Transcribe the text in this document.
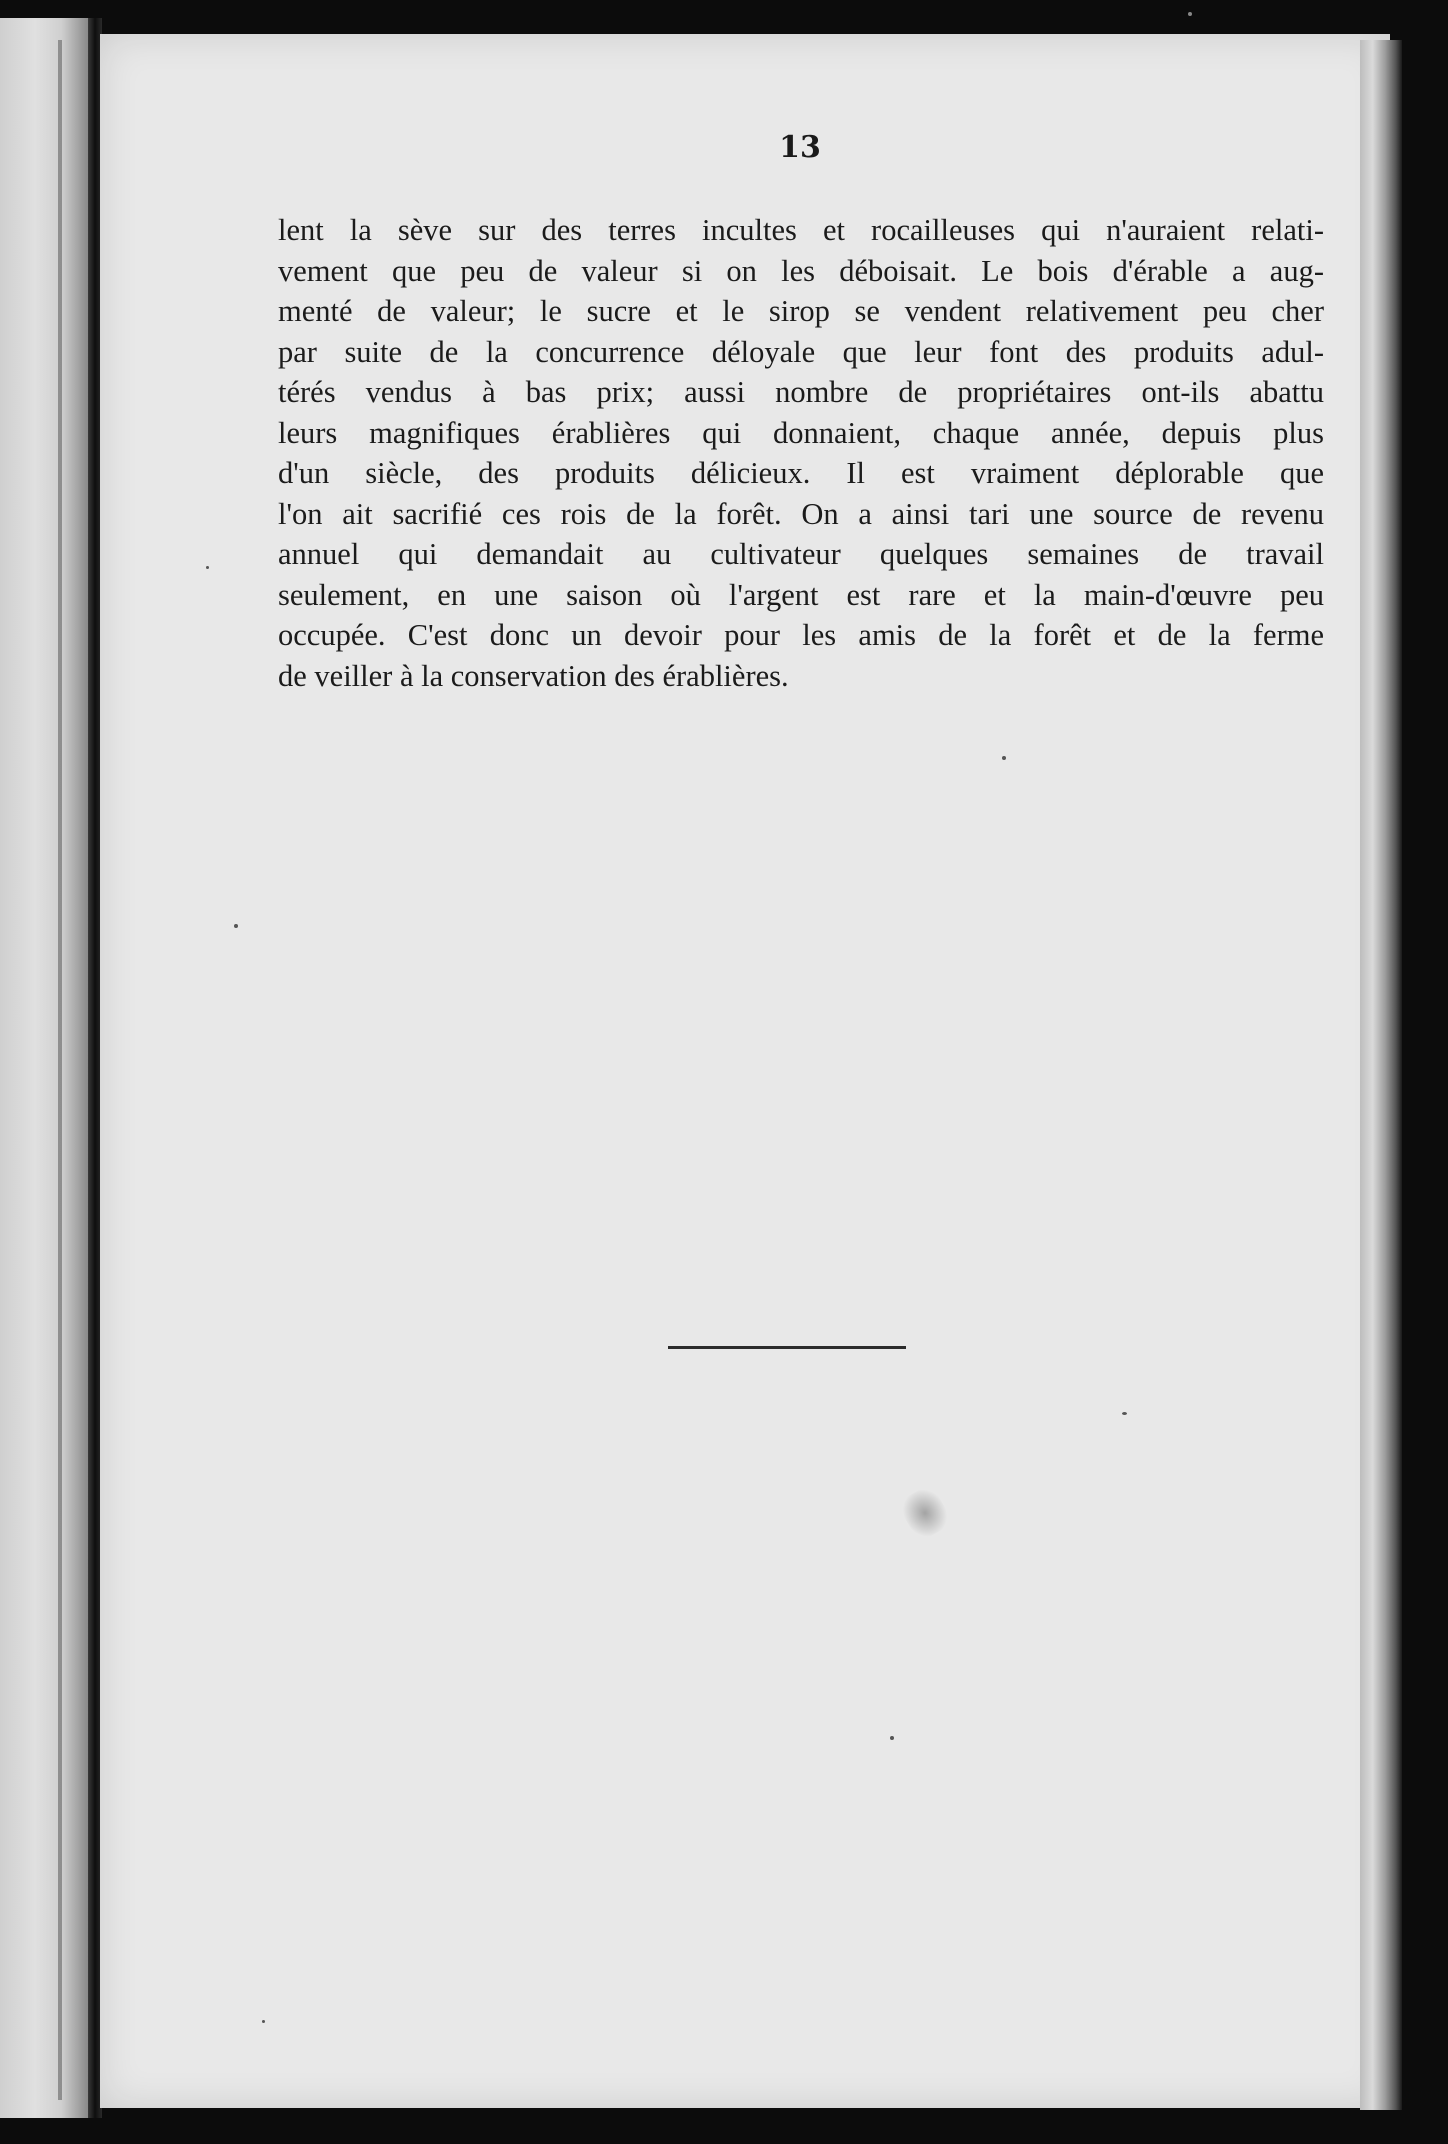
13
lent la sève sur des terres incultes et rocailleuses qui n'auraient relati-
vement que peu de valeur si on les déboisait. Le bois d'érable a aug-
menté de valeur; le sucre et le sirop se vendent relativement peu cher
par suite de la concurrence déloyale que leur font des produits adul-
térés vendus à bas prix; aussi nombre de propriétaires ont-ils abattu
leurs magnifiques érablières qui donnaient, chaque année, depuis plus
d'un siècle, des produits délicieux. Il est vraiment déplorable que
l'on ait sacrifié ces rois de la forêt. On a ainsi tari une source de revenu
annuel qui demandait au cultivateur quelques semaines de travail
seulement, en une saison où l'argent est rare et la main-d'œuvre peu
occupée. C'est donc un devoir pour les amis de la forêt et de la ferme
de veiller à la conservation des érablières.
